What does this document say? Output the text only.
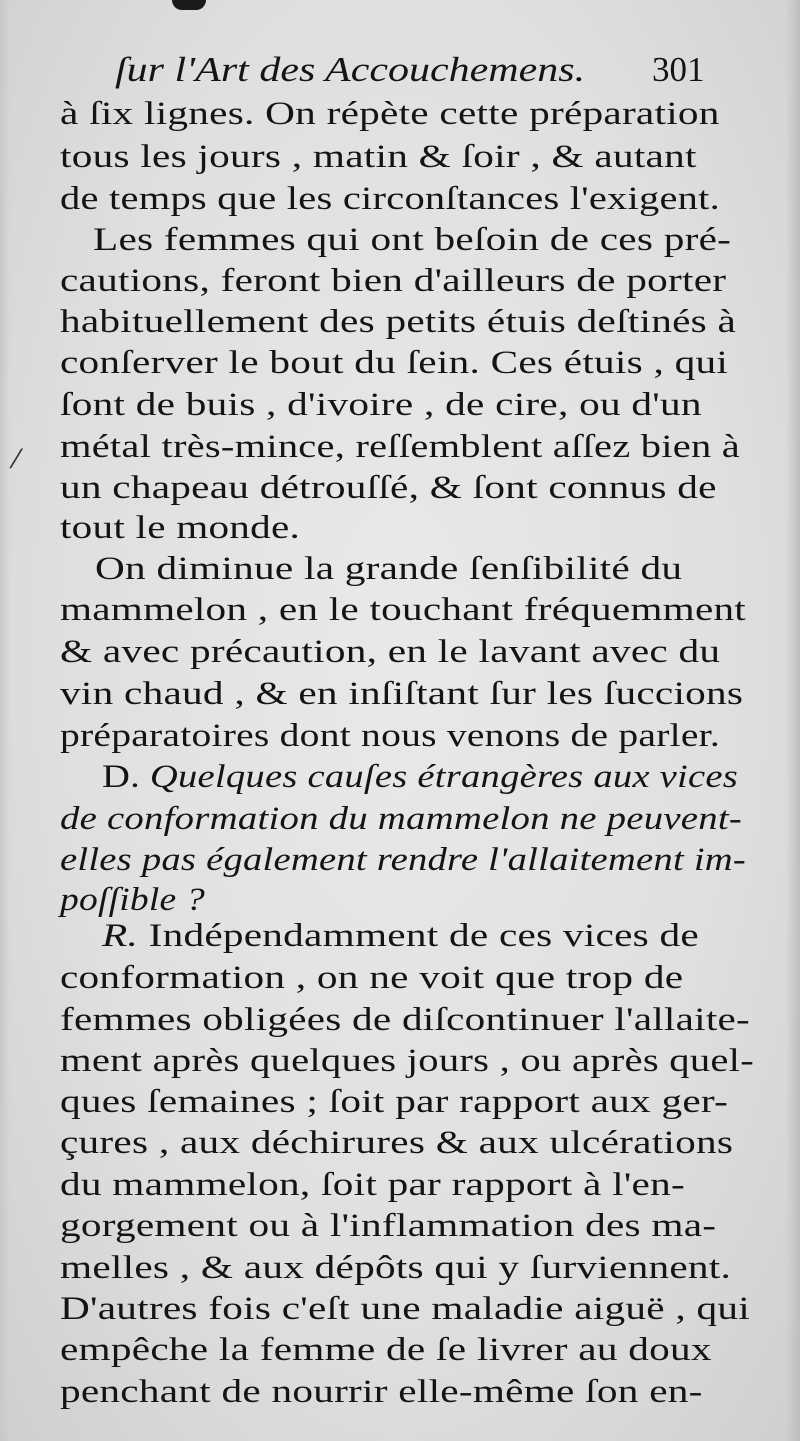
⁄
ſur l'Art des Accouchemens. 301
à ſix lignes. On répète cette préparation
tous les jours , matin & ſoir , & autant
de temps que les circonſtances l'exigent.
Les femmes qui ont beſoin de ces pré-
cautions, feront bien d'ailleurs de porter
habituellement des petits étuis deſtinés à
conſerver le bout du ſein. Ces étuis , qui
ſont de buis , d'ivoire , de cire, ou d'un
métal très-mince, reſſemblent aſſez bien à
un chapeau détrouſſé, & ſont connus de
tout le monde.
On diminue la grande ſenſibilité du
mammelon , en le touchant fréquemment
& avec précaution, en le lavant avec du
vin chaud , & en inſiſtant ſur les ſuccions
préparatoires dont nous venons de parler.
D. Quelques cauſes étrangères aux vices
de conformation du mammelon ne peuvent-
elles pas également rendre l'allaitement im-
poſſible ?
R. Indépendamment de ces vices de
conformation , on ne voit que trop de
femmes obligées de diſcontinuer l'allaite-
ment après quelques jours , ou après quel-
ques ſemaines ; ſoit par rapport aux ger-
çures , aux déchirures & aux ulcérations
du mammelon, ſoit par rapport à l'en-
gorgement ou à l'inflammation des ma-
melles , & aux dépôts qui y ſurviennent.
D'autres fois c'eſt une maladie aiguë , qui
empêche la femme de ſe livrer au doux
penchant de nourrir elle-même ſon en-
